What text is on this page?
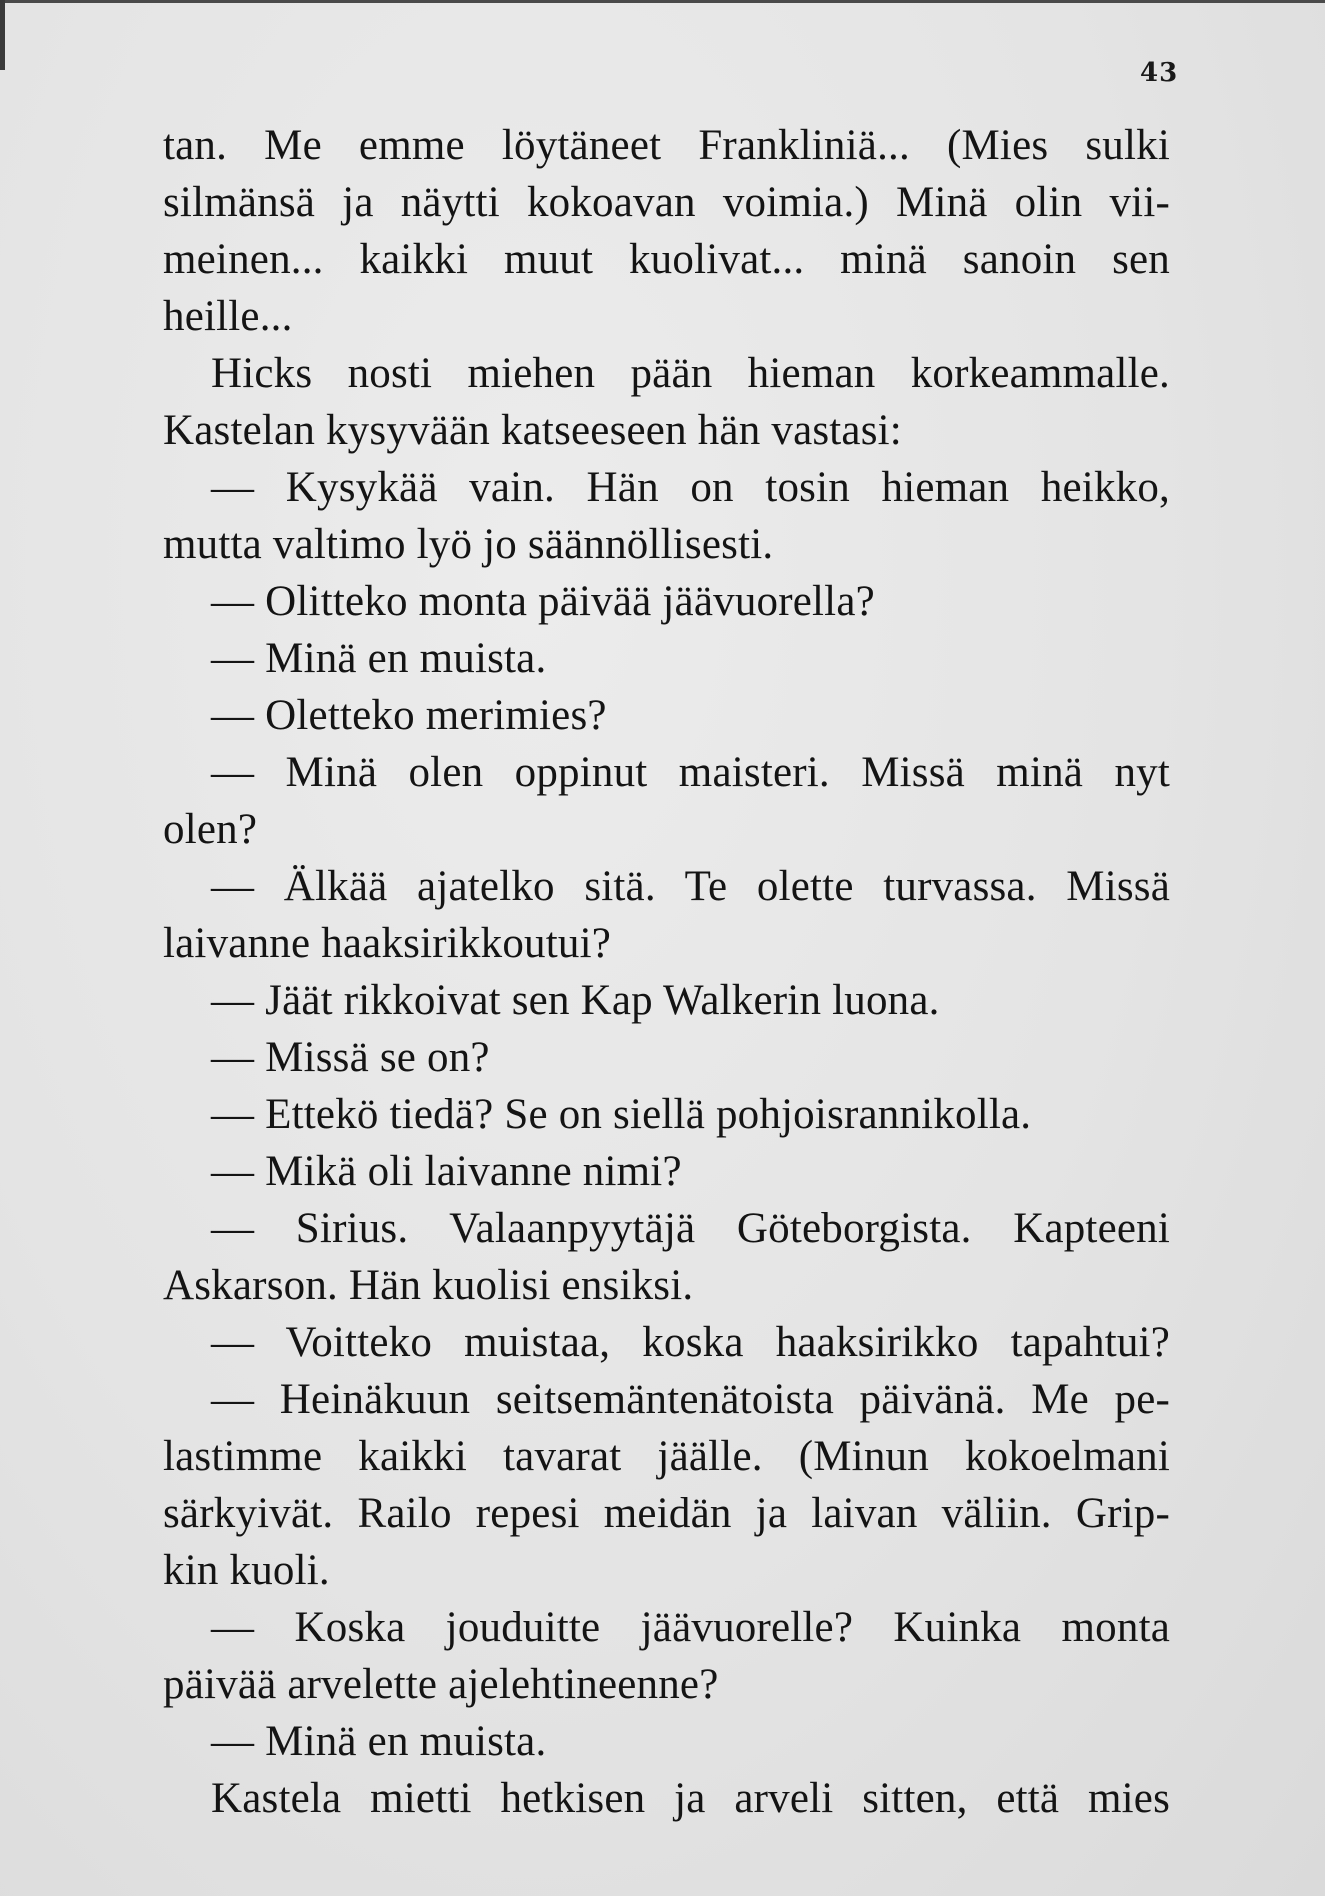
43
tan. Me emme löytäneet Frankliniä... (Mies sulki
silmänsä ja näytti kokoavan voimia.) Minä olin vii-
meinen... kaikki muut kuolivat... minä sanoin sen
heille...
Hicks nosti miehen pään hieman korkeammalle.
Kastelan kysyvään katseeseen hän vastasi:
— Kysykää vain. Hän on tosin hieman heikko,
mutta valtimo lyö jo säännöllisesti.
— Olitteko monta päivää jäävuorella?
— Minä en muista.
— Oletteko merimies?
— Minä olen oppinut maisteri. Missä minä nyt
olen?
— Älkää ajatelko sitä. Te olette turvassa. Missä
laivanne haaksirikkoutui?
— Jäät rikkoivat sen Kap Walkerin luona.
— Missä se on?
— Ettekö tiedä? Se on siellä pohjoisrannikolla.
— Mikä oli laivanne nimi?
— Sirius. Valaanpyytäjä Göteborgista. Kapteeni
Askarson. Hän kuolisi ensiksi.
— Voitteko muistaa, koska haaksirikko tapahtui?
— Heinäkuun seitsemäntenätoista päivänä. Me pe-
lastimme kaikki tavarat jäälle. (Minun kokoelmani
särkyivät. Railo repesi meidän ja laivan väliin. Grip-
kin kuoli.
— Koska jouduitte jäävuorelle? Kuinka monta
päivää arvelette ajelehtineenne?
— Minä en muista.
Kastela mietti hetkisen ja arveli sitten, että mies
